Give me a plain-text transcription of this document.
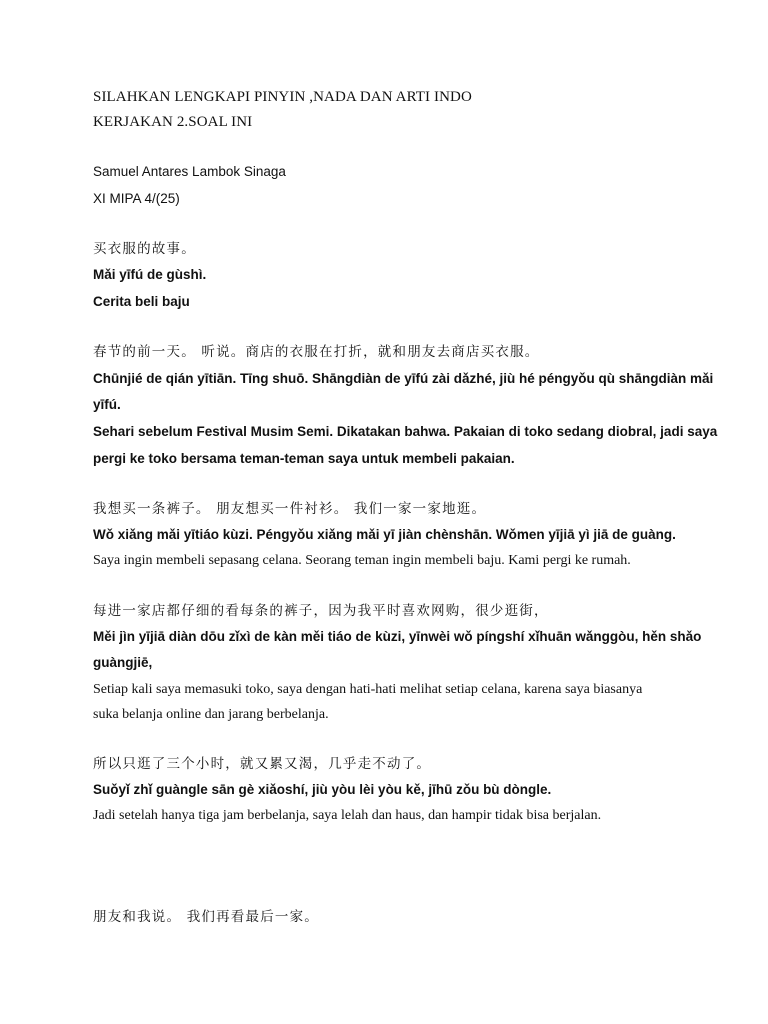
SILAHKAN LENGKAPI PINYIN ,NADA DAN ARTI INDO
KERJAKAN 2.SOAL INI
Samuel Antares Lambok Sinaga
XI MIPA 4/(25)
买衣服的故事。
Mǎi yīfú de gùshì.
Cerita beli baju
春节的前一天。 听说。商店的衣服在打折，就和朋友去商店买衣服。
Chūnjié de qián yītiān. Tīng shuō. Shāngdiàn de yīfú zài dǎzhé, jiù hé péngyǒu qù shāngdiàn mǎi
yīfú.
Sehari sebelum Festival Musim Semi. Dikatakan bahwa. Pakaian di toko sedang diobral, jadi saya
pergi ke toko bersama teman-teman saya untuk membeli pakaian.
我想买一条裤子。 朋友想买一件衬衫。 我们一家一家地逛。
Wǒ xiǎng mǎi yītiáo kùzi. Péngyǒu xiǎng mǎi yī jiàn chènshān. Wǒmen yījiā yì jiā de guàng.
Saya ingin membeli sepasang celana. Seorang teman ingin membeli baju. Kami pergi ke rumah.
每进一家店都仔细的看每条的裤子，因为我平时喜欢网购，很少逛街，
Měi jìn yījiā diàn dōu zǐxì de kàn měi tiáo de kùzi, yīnwèi wǒ píngshí xǐhuān wǎnggòu, hěn shǎo
guàngjiē,
Setiap kali saya memasuki toko, saya dengan hati-hati melihat setiap celana, karena saya biasanya
suka belanja online dan jarang berbelanja.
所以只逛了三个小时，就又累又渴，几乎走不动了。
Suǒyǐ zhǐ guàngle sān gè xiǎoshí, jiù yòu lèi yòu kě, jīhū zǒu bù dòngle.
Jadi setelah hanya tiga jam berbelanja, saya lelah dan haus, dan hampir tidak bisa berjalan.
朋友和我说。 我们再看最后一家。
